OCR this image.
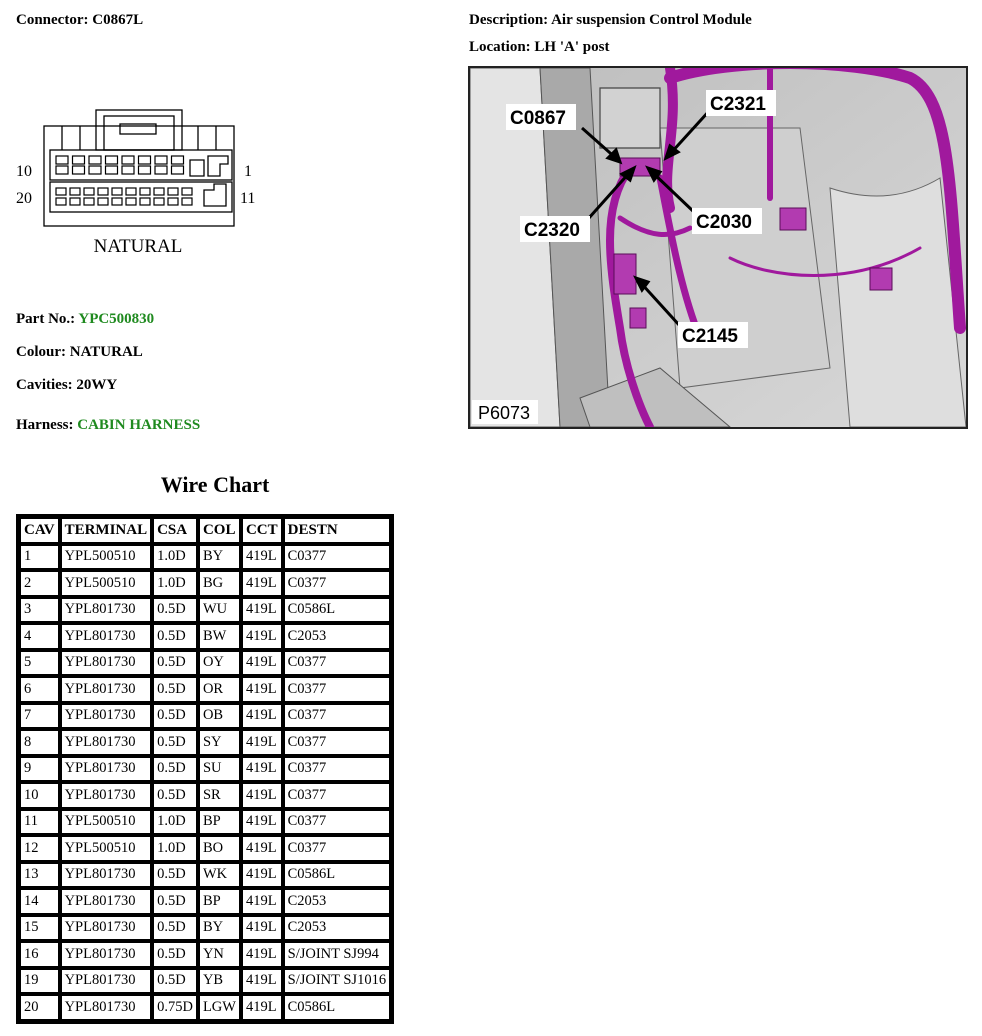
Connector: C0867L	Description: Air suspension Control Module
Location: LH 'A' post
10	1
20	11
NATURAL
C0867
C2321
C2320	C2030
C2145
P6073
Part No.: YPC500830
Colour: NATURAL
Cavities: 20WY
Harness: CABIN HARNESS
Wire Chart
CAV	TERMINAL	CSA	COL	CCT	DESTN
1	YPL500510	1.0D	BY	419L	C0377
2	YPL500510	1.0D	BG	419L	C0377
3	YPL801730	0.5D	WU	419L	C0586L
4	YPL801730	0.5D	BW	419L	C2053
5	YPL801730	0.5D	OY	419L	C0377
6	YPL801730	0.5D	OR	419L	C0377
7	YPL801730	0.5D	OB	419L	C0377
8	YPL801730	0.5D	SY	419L	C0377
9	YPL801730	0.5D	SU	419L	C0377
10	YPL801730	0.5D	SR	419L	C0377
11	YPL500510	1.0D	BP	419L	C0377
12	YPL500510	1.0D	BO	419L	C0377
13	YPL801730	0.5D	WK	419L	C0586L
14	YPL801730	0.5D	BP	419L	C2053
15	YPL801730	0.5D	BY	419L	C2053
16	YPL801730	0.5D	YN	419L	S/JOINT SJ994
19	YPL801730	0.5D	YB	419L	S/JOINT SJ1016
20	YPL801730	0.75D	LGW	419L	C0586L
